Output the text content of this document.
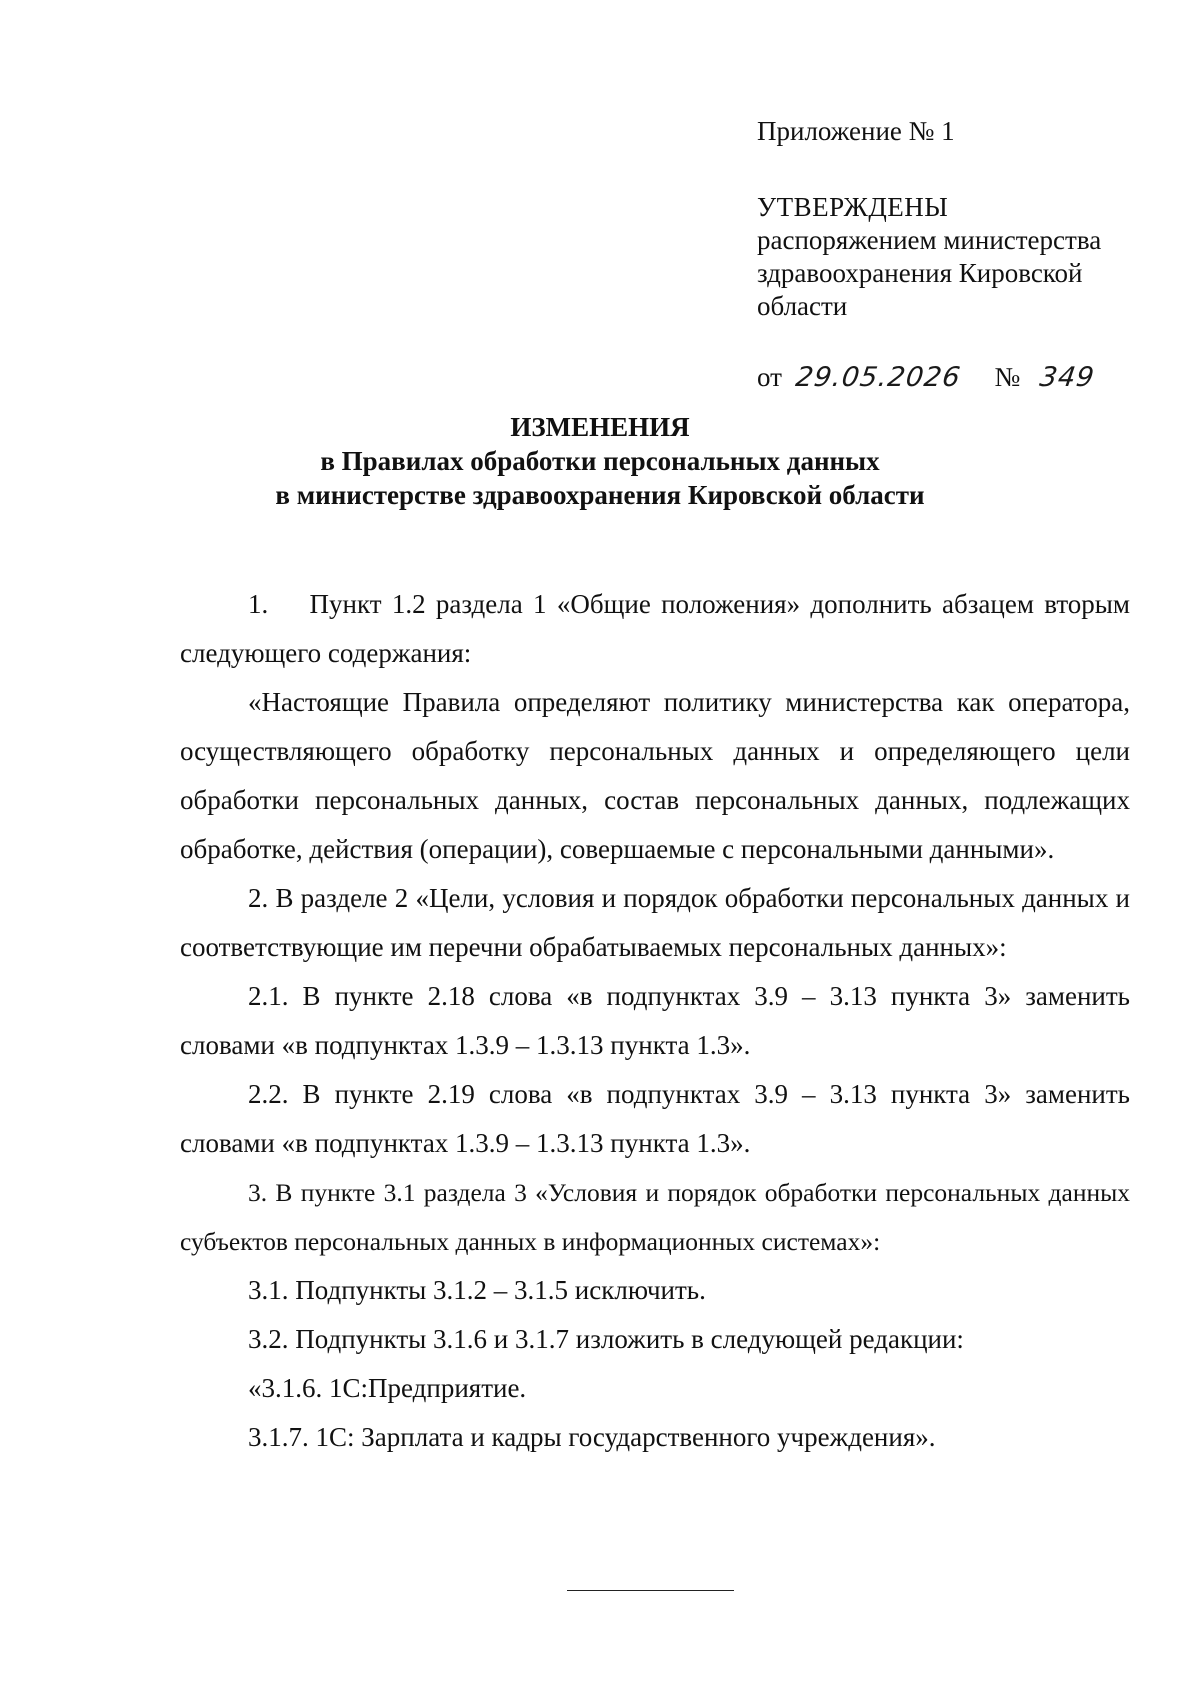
Приложение № 1

УТВЕРЖДЕНЫ

распоряжением министерства

здравоохранения Кировской

области

от 29.05.2026 № 349
ИЗМЕНЕНИЯ
в Правилах обработки персональных данных
в министерстве здравоохранения Кировской области

1.    Пункт 1.2 раздела 1 «Общие положения» дополнить абзацем вторым следующего содержания:

«Настоящие Правила определяют политику министерства как оператора, осуществляющего обработку персональных данных и определяющего цели обработки персональных данных, состав персональных данных, подлежащих обработке, действия (операции), совершаемые с персональными данными».

2. В разделе 2 «Цели, условия и порядок обработки персональных данных и соответствующие им перечни обрабатываемых персональных данных»:

2.1. В пункте 2.18 слова «в подпунктах 3.9 – 3.13 пункта 3» заменить словами «в подпунктах 1.3.9 – 1.3.13 пункта 1.3».

2.2. В пункте 2.19 слова «в подпунктах 3.9 – 3.13 пункта 3» заменить словами «в подпунктах 1.3.9 – 1.3.13 пункта 1.3».

3. В пункте 3.1 раздела 3 «Условия и порядок обработки персональных данных субъектов персональных данных в информационных системах»:

3.1. Подпункты 3.1.2 – 3.1.5 исключить.

3.2. Подпункты 3.1.6 и 3.1.7 изложить в следующей редакции:

«3.1.6. 1С:Предприятие.

3.1.7. 1С: Зарплата и кадры государственного учреждения».
